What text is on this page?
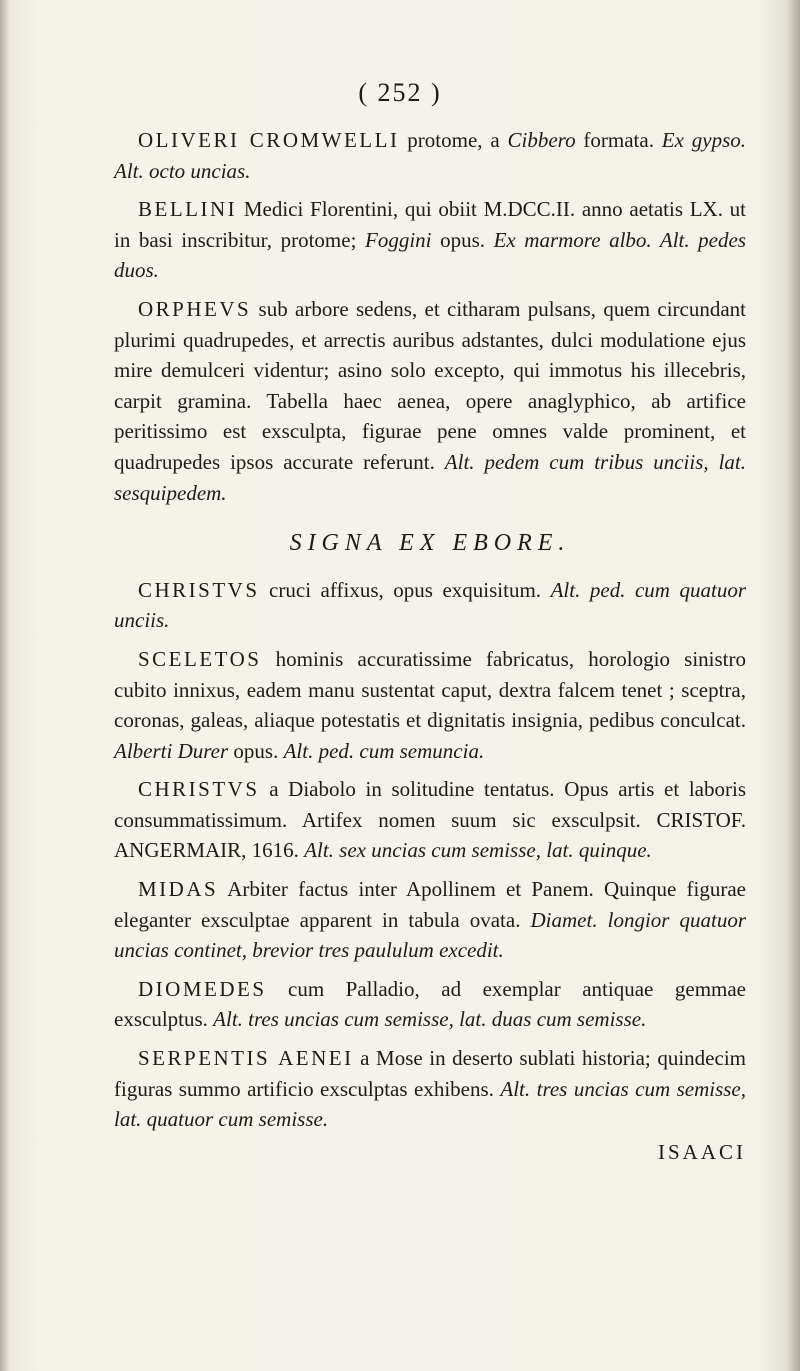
( 252 )

OLIVERI CROMWELLI protome, a Cibbero formata. Ex gypso. Alt. octo uncias.

BELLINI Medici Florentini, qui obiit M.DCC.II. anno aetatis LX. ut in basi inscribitur, protome; Foggini opus. Ex marmore albo. Alt. pedes duos.

ORPHEVS sub arbore sedens, et citharam pulsans, quem circundant plurimi quadrupedes, et arrectis auribus adstantes, dulci modulatione ejus mire demulceri videntur; asino solo excepto, qui immotus his illecebris, carpit gramina. Tabella haec aenea, opere anaglyphico, ab artifice peritissimo est exsculpta, figurae pene omnes valde prominent, et quadrupedes ipsos accurate referunt. Alt. pedem cum tribus unciis, lat. sesquipedem.

SIGNA EX EBORE.

CHRISTVS cruci affixus, opus exquisitum. Alt. ped. cum quatuor unciis.

SCELETOS hominis accuratissime fabricatus, horologio sinistro cubito innixus, eadem manu sustentat caput, dextra falcem tenet ; sceptra, coronas, galeas, aliaque potestatis et dignitatis insignia, pedibus conculcat. Alberti Durer opus. Alt. ped. cum semuncia.

CHRISTVS a Diabolo in solitudine tentatus. Opus artis et laboris consummatissimum. Artifex nomen suum sic exsculpsit. CRISTOF. ANGERMAIR, 1616. Alt. sex uncias cum semisse, lat. quinque.

MIDAS Arbiter factus inter Apollinem et Panem. Quinque figurae eleganter exsculptae apparent in tabula ovata. Diamet. longior quatuor uncias continet, brevior tres paululum excedit.

DIOMEDES cum Palladio, ad exemplar antiquae gemmae exsculptus. Alt. tres uncias cum semisse, lat. duas cum semisse.

SERPENTIS AENEI a Mose in deserto sublati historia; quindecim figuras summo artificio exsculptas exhibens. Alt. tres uncias cum semisse, lat. quatuor cum semisse.

ISAACI
